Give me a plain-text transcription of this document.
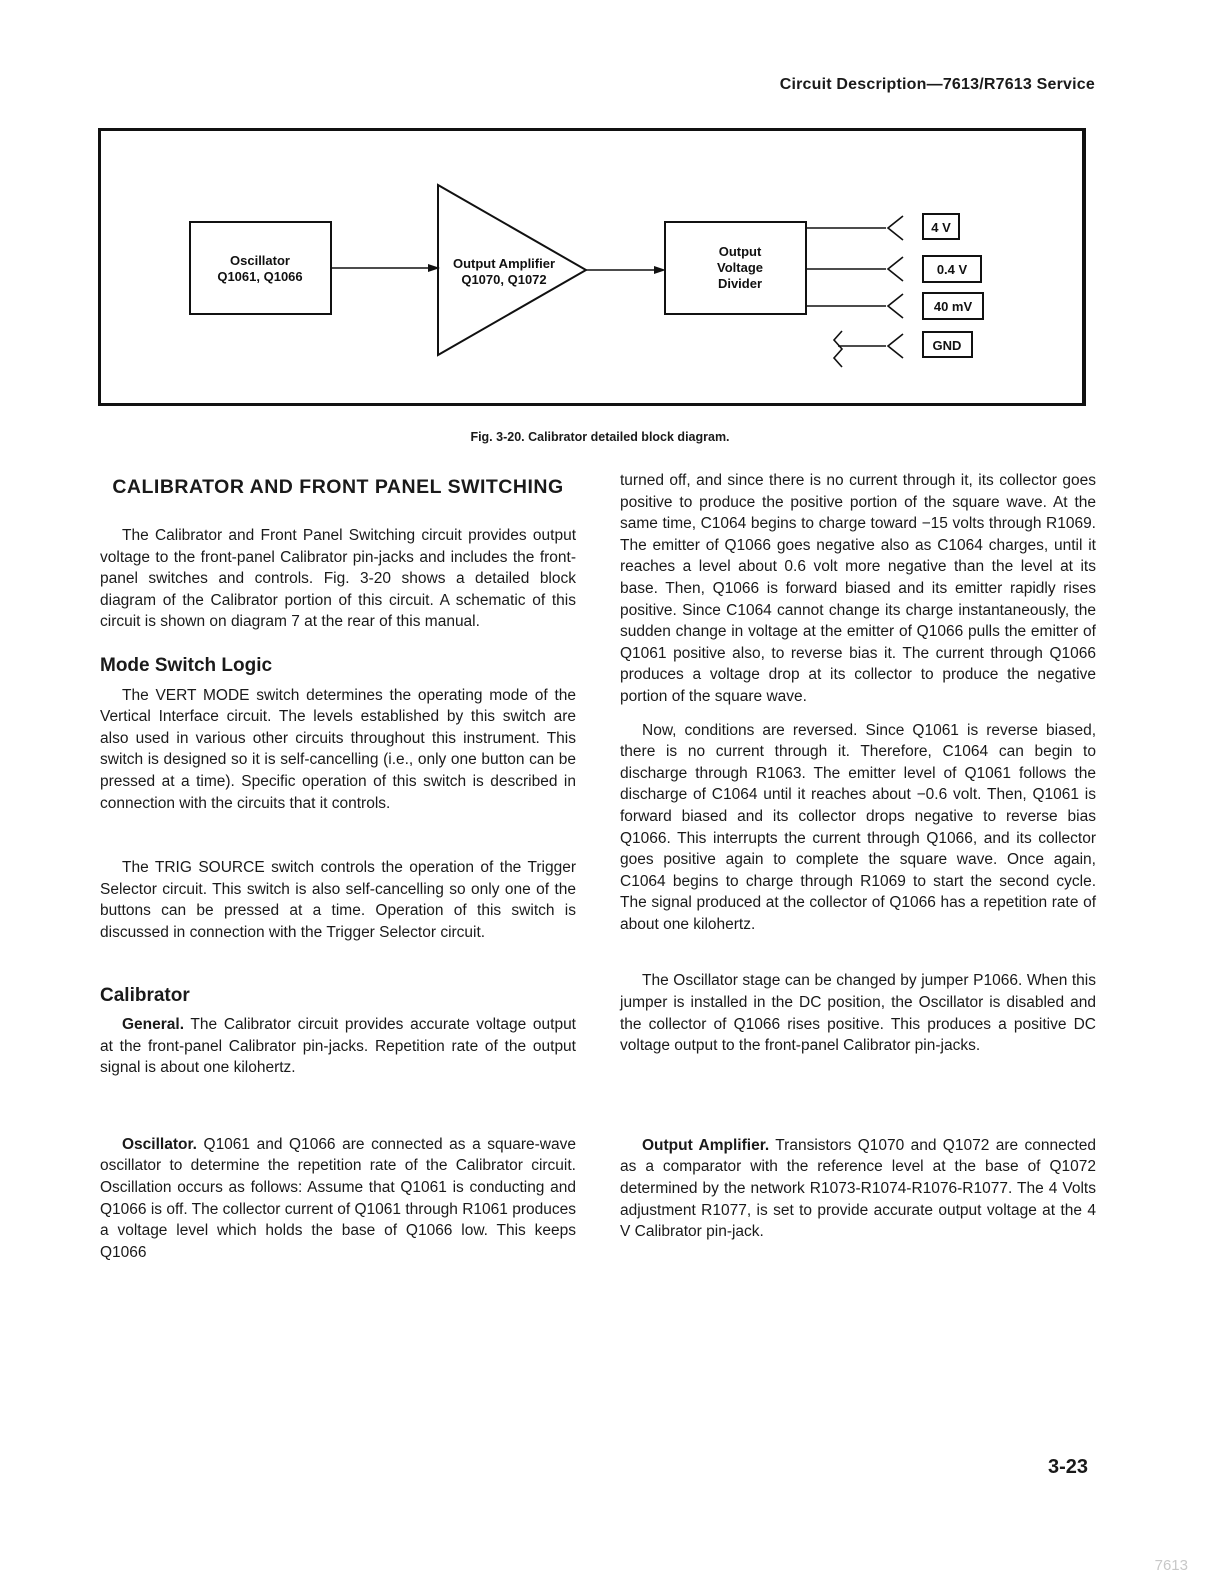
Circuit Description—7613/R7613 Service
Oscillator
Q1061, Q1066
Output Amplifier
Q1070, Q1072
Output
Voltage
Divider
4 V
0.4 V
40 mV
GND
Fig. 3-20. Calibrator detailed block diagram.
CALIBRATOR AND FRONT PANEL SWITCHING

The Calibrator and Front Panel Switching circuit provides output voltage to the front-panel Calibrator pin-jacks and includes the front-panel switches and controls. Fig. 3-20 shows a detailed block diagram of the Calibrator portion of this circuit. A schematic of this circuit is shown on diagram 7 at the rear of this manual.

Mode Switch Logic

The VERT MODE switch determines the operating mode of the Vertical Interface circuit. The levels established by this switch are also used in various other circuits throughout this instrument. This switch is designed so it is self-cancelling (i.e., only one button can be pressed at a time). Specific operation of this switch is described in connection with the circuits that it controls.

The TRIG SOURCE switch controls the operation of the Trigger Selector circuit. This switch is also self-cancelling so only one of the buttons can be pressed at a time. Operation of this switch is discussed in connection with the Trigger Selector circuit.

Calibrator

General. The Calibrator circuit provides accurate voltage output at the front-panel Calibrator pin-jacks. Repetition rate of the output signal is about one kilohertz.

Oscillator. Q1061 and Q1066 are connected as a square-wave oscillator to determine the repetition rate of the Calibrator circuit. Oscillation occurs as follows: Assume that Q1061 is conducting and Q1066 is off. The collector current of Q1061 through R1061 produces a voltage level which holds the base of Q1066 low. This keeps Q1066

turned off, and since there is no current through it, its collector goes positive to produce the positive portion of the square wave. At the same time, C1064 begins to charge toward −15 volts through R1069. The emitter of Q1066 goes negative also as C1064 charges, until it reaches a level about 0.6 volt more negative than the level at its base. Then, Q1066 is forward biased and its emitter rapidly rises positive. Since C1064 cannot change its charge instantaneously, the sudden change in voltage at the emitter of Q1066 pulls the emitter of Q1061 positive also, to reverse bias it. The current through Q1066 produces a voltage drop at its collector to produce the negative portion of the square wave.

Now, conditions are reversed. Since Q1061 is reverse biased, there is no current through it. Therefore, C1064 can begin to discharge through R1063. The emitter level of Q1061 follows the discharge of C1064 until it reaches about −0.6 volt. Then, Q1061 is forward biased and its collector drops negative to reverse bias Q1066. This interrupts the current through Q1066, and its collector goes positive again to complete the square wave. Once again, C1064 begins to charge through R1069 to start the second cycle. The signal produced at the collector of Q1066 has a repetition rate of about one kilohertz.

The Oscillator stage can be changed by jumper P1066. When this jumper is installed in the DC position, the Oscillator is disabled and the collector of Q1066 rises positive. This produces a positive DC voltage output to the front-panel Calibrator pin-jacks.

Output Amplifier. Transistors Q1070 and Q1072 are connected as a comparator with the reference level at the base of Q1072 determined by the network R1073-R1074-R1076-R1077. The 4 Volts adjustment R1077, is set to provide accurate output voltage at the 4 V Calibrator pin-jack.

3-23
7613
